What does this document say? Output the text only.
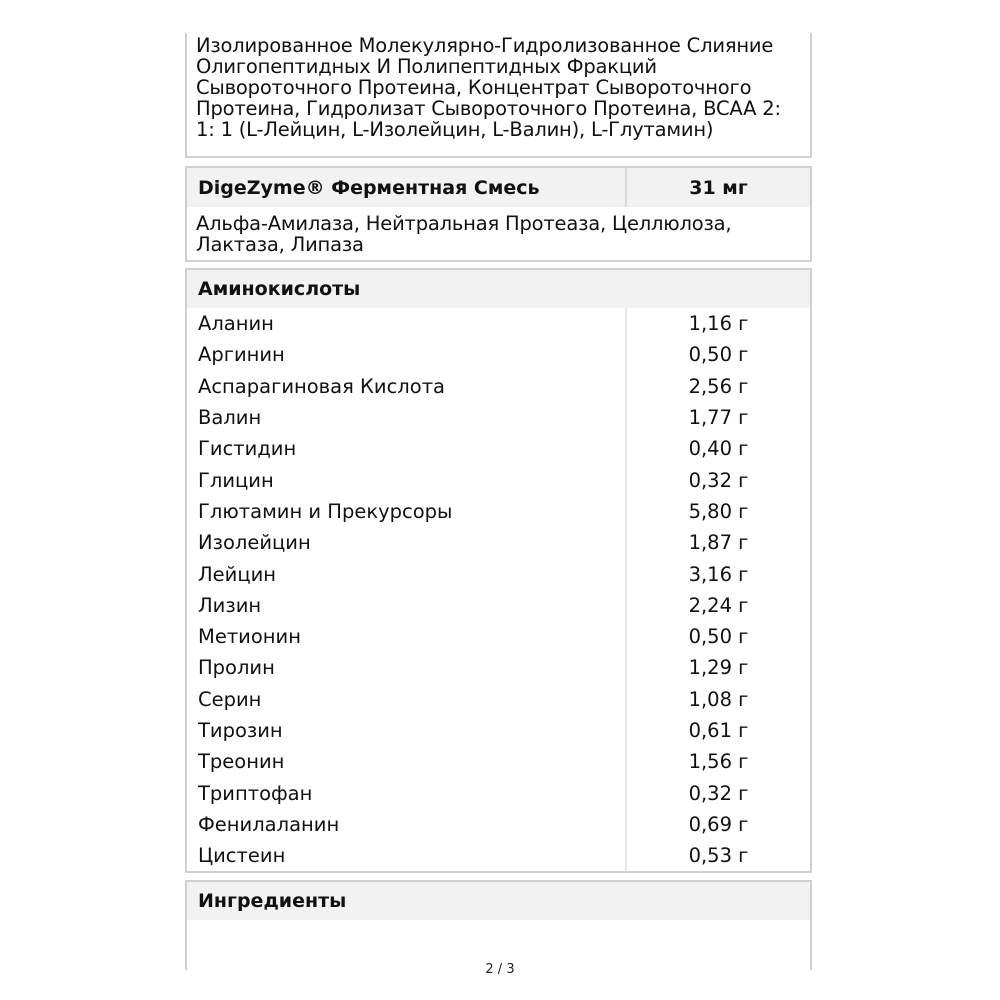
Изолированное Молекулярно-Гидролизованное Слияние Олигопептидных И Полипептидных Фракций Сывороточного Протеина, Концентрат Сывороточного Протеина, Гидролизат Сывороточного Протеина, BCAA 2: 1: 1 (L-Лейцин, L-Изолейцин, L-Валин), L-Глутамин)
DigeZyme® Ферментная Смесь	31 мг
Альфа-Амилаза, Нейтральная Протеаза, Целлюлоза, Лактаза, Липаза
Аминокислоты
Аланин	1,16 г
Аргинин	0,50 г
Аспарагиновая Кислота	2,56 г
Валин	1,77 г
Гистидин	0,40 г
Глицин	0,32 г
Глютамин и Прекурсоры	5,80 г
Изолейцин	1,87 г
Лейцин	3,16 г
Лизин	2,24 г
Метионин	0,50 г
Пролин	1,29 г
Серин	1,08 г
Тирозин	0,61 г
Треонин	1,56 г
Триптофан	0,32 г
Фенилаланин	0,69 г
Цистеин	0,53 г
Ингредиенты
2 / 3
